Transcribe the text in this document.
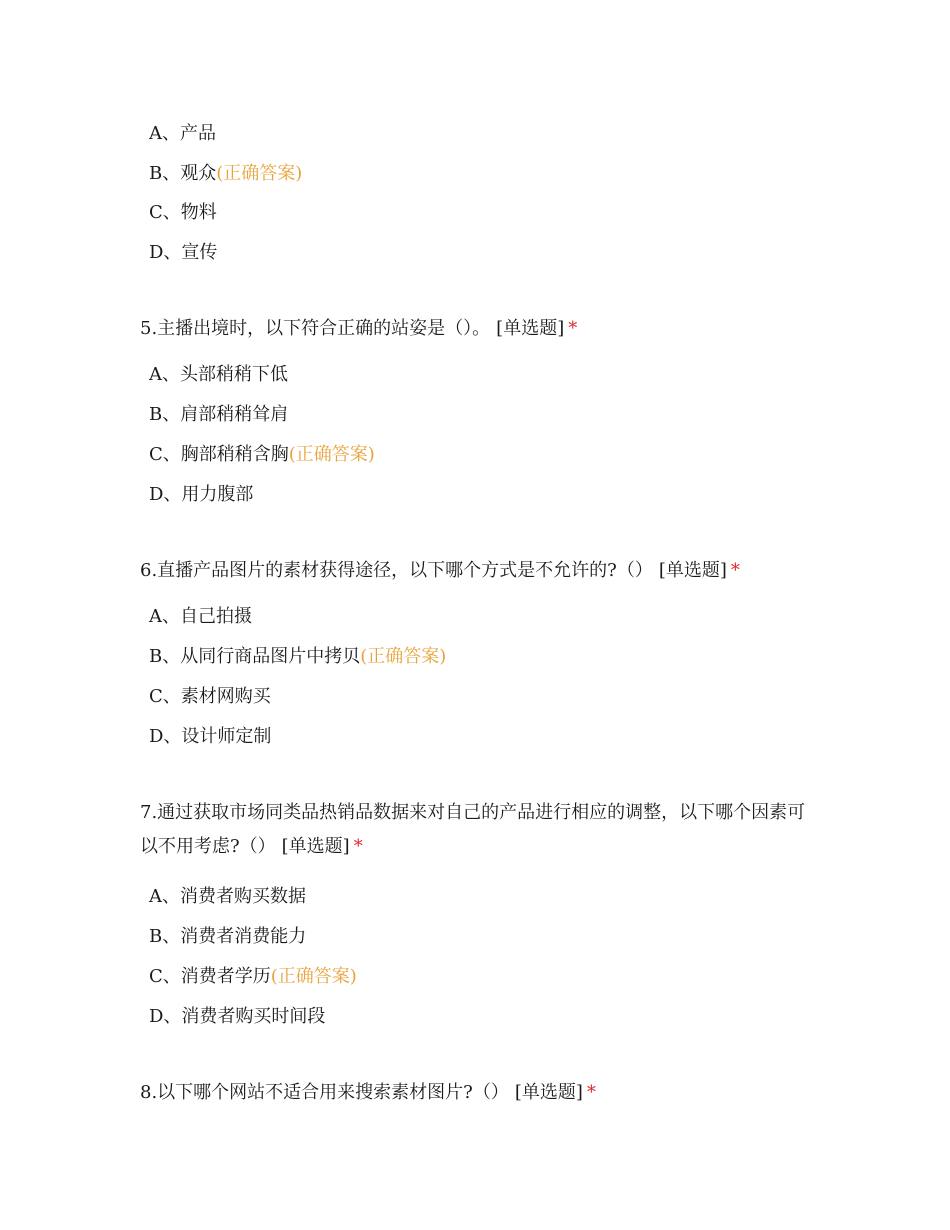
A、产品
B、观众(正确答案)
C、物料
D、宣传
5.主播出境时，以下符合正确的站姿是（）。 [单选题] *
A、头部稍稍下低
B、肩部稍稍耸肩
C、胸部稍稍含胸(正确答案)
D、用力腹部
6.直播产品图片的素材获得途径，以下哪个方式是不允许的?（） [单选题] *
A、自己拍摄
B、从同行商品图片中拷贝(正确答案)
C、素材网购买
D、设计师定制
7.通过获取市场同类品热销品数据来对自己的产品进行相应的调整，以下哪个因素可以不用考虑?（） [单选题] *
A、消费者购买数据
B、消费者消费能力
C、消费者学历(正确答案)
D、消费者购买时间段
8.以下哪个网站不适合用来搜索素材图片?（） [单选题] *
